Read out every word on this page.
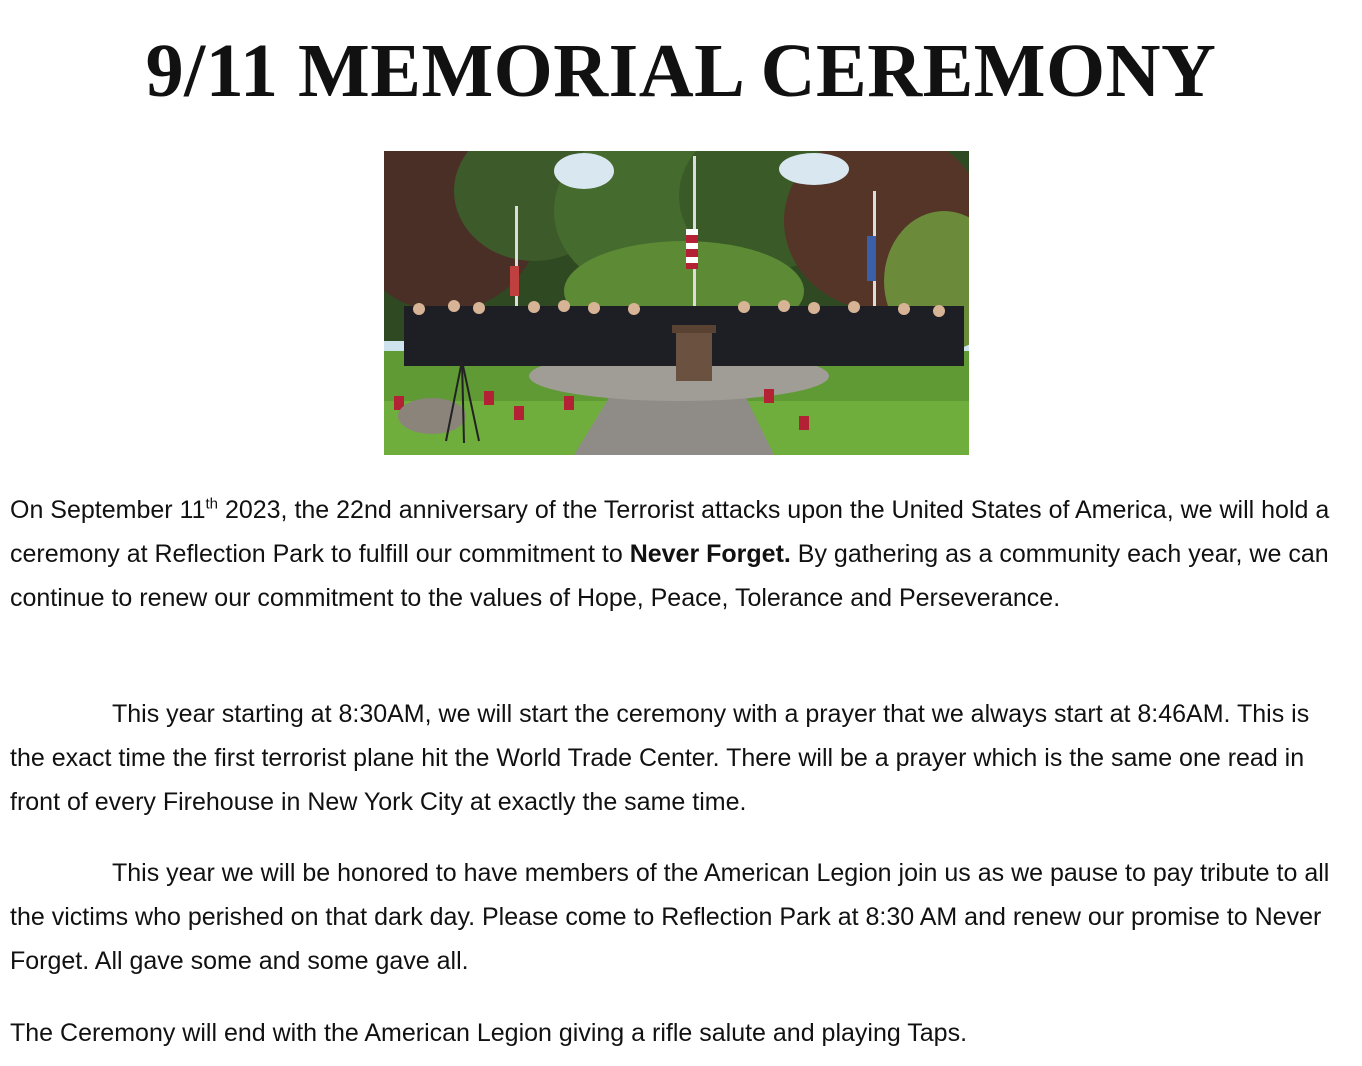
9/11 MEMORIAL CEREMONY

On September 11th 2023, the 22nd anniversary of the Terrorist attacks upon the United States of America, we will hold a ceremony at Reflection Park to fulfill our commitment to Never Forget. By gathering as a community each year, we can continue to renew our commitment to the values of Hope, Peace, Tolerance and Perseverance.

This year starting at 8:30AM, we will start the ceremony with a prayer that we always start at 8:46AM. This is the exact time the first terrorist plane hit the World Trade Center. There will be a prayer which is the same one read in front of every Firehouse in New York City at exactly the same time.

This year we will be honored to have members of the American Legion join us as we pause to pay tribute to all the victims who perished on that dark day. Please come to Reflection Park at 8:30 AM and renew our promise to Never Forget. All gave some and some gave all.

The Ceremony will end with the American Legion giving a rifle salute and playing Taps.
